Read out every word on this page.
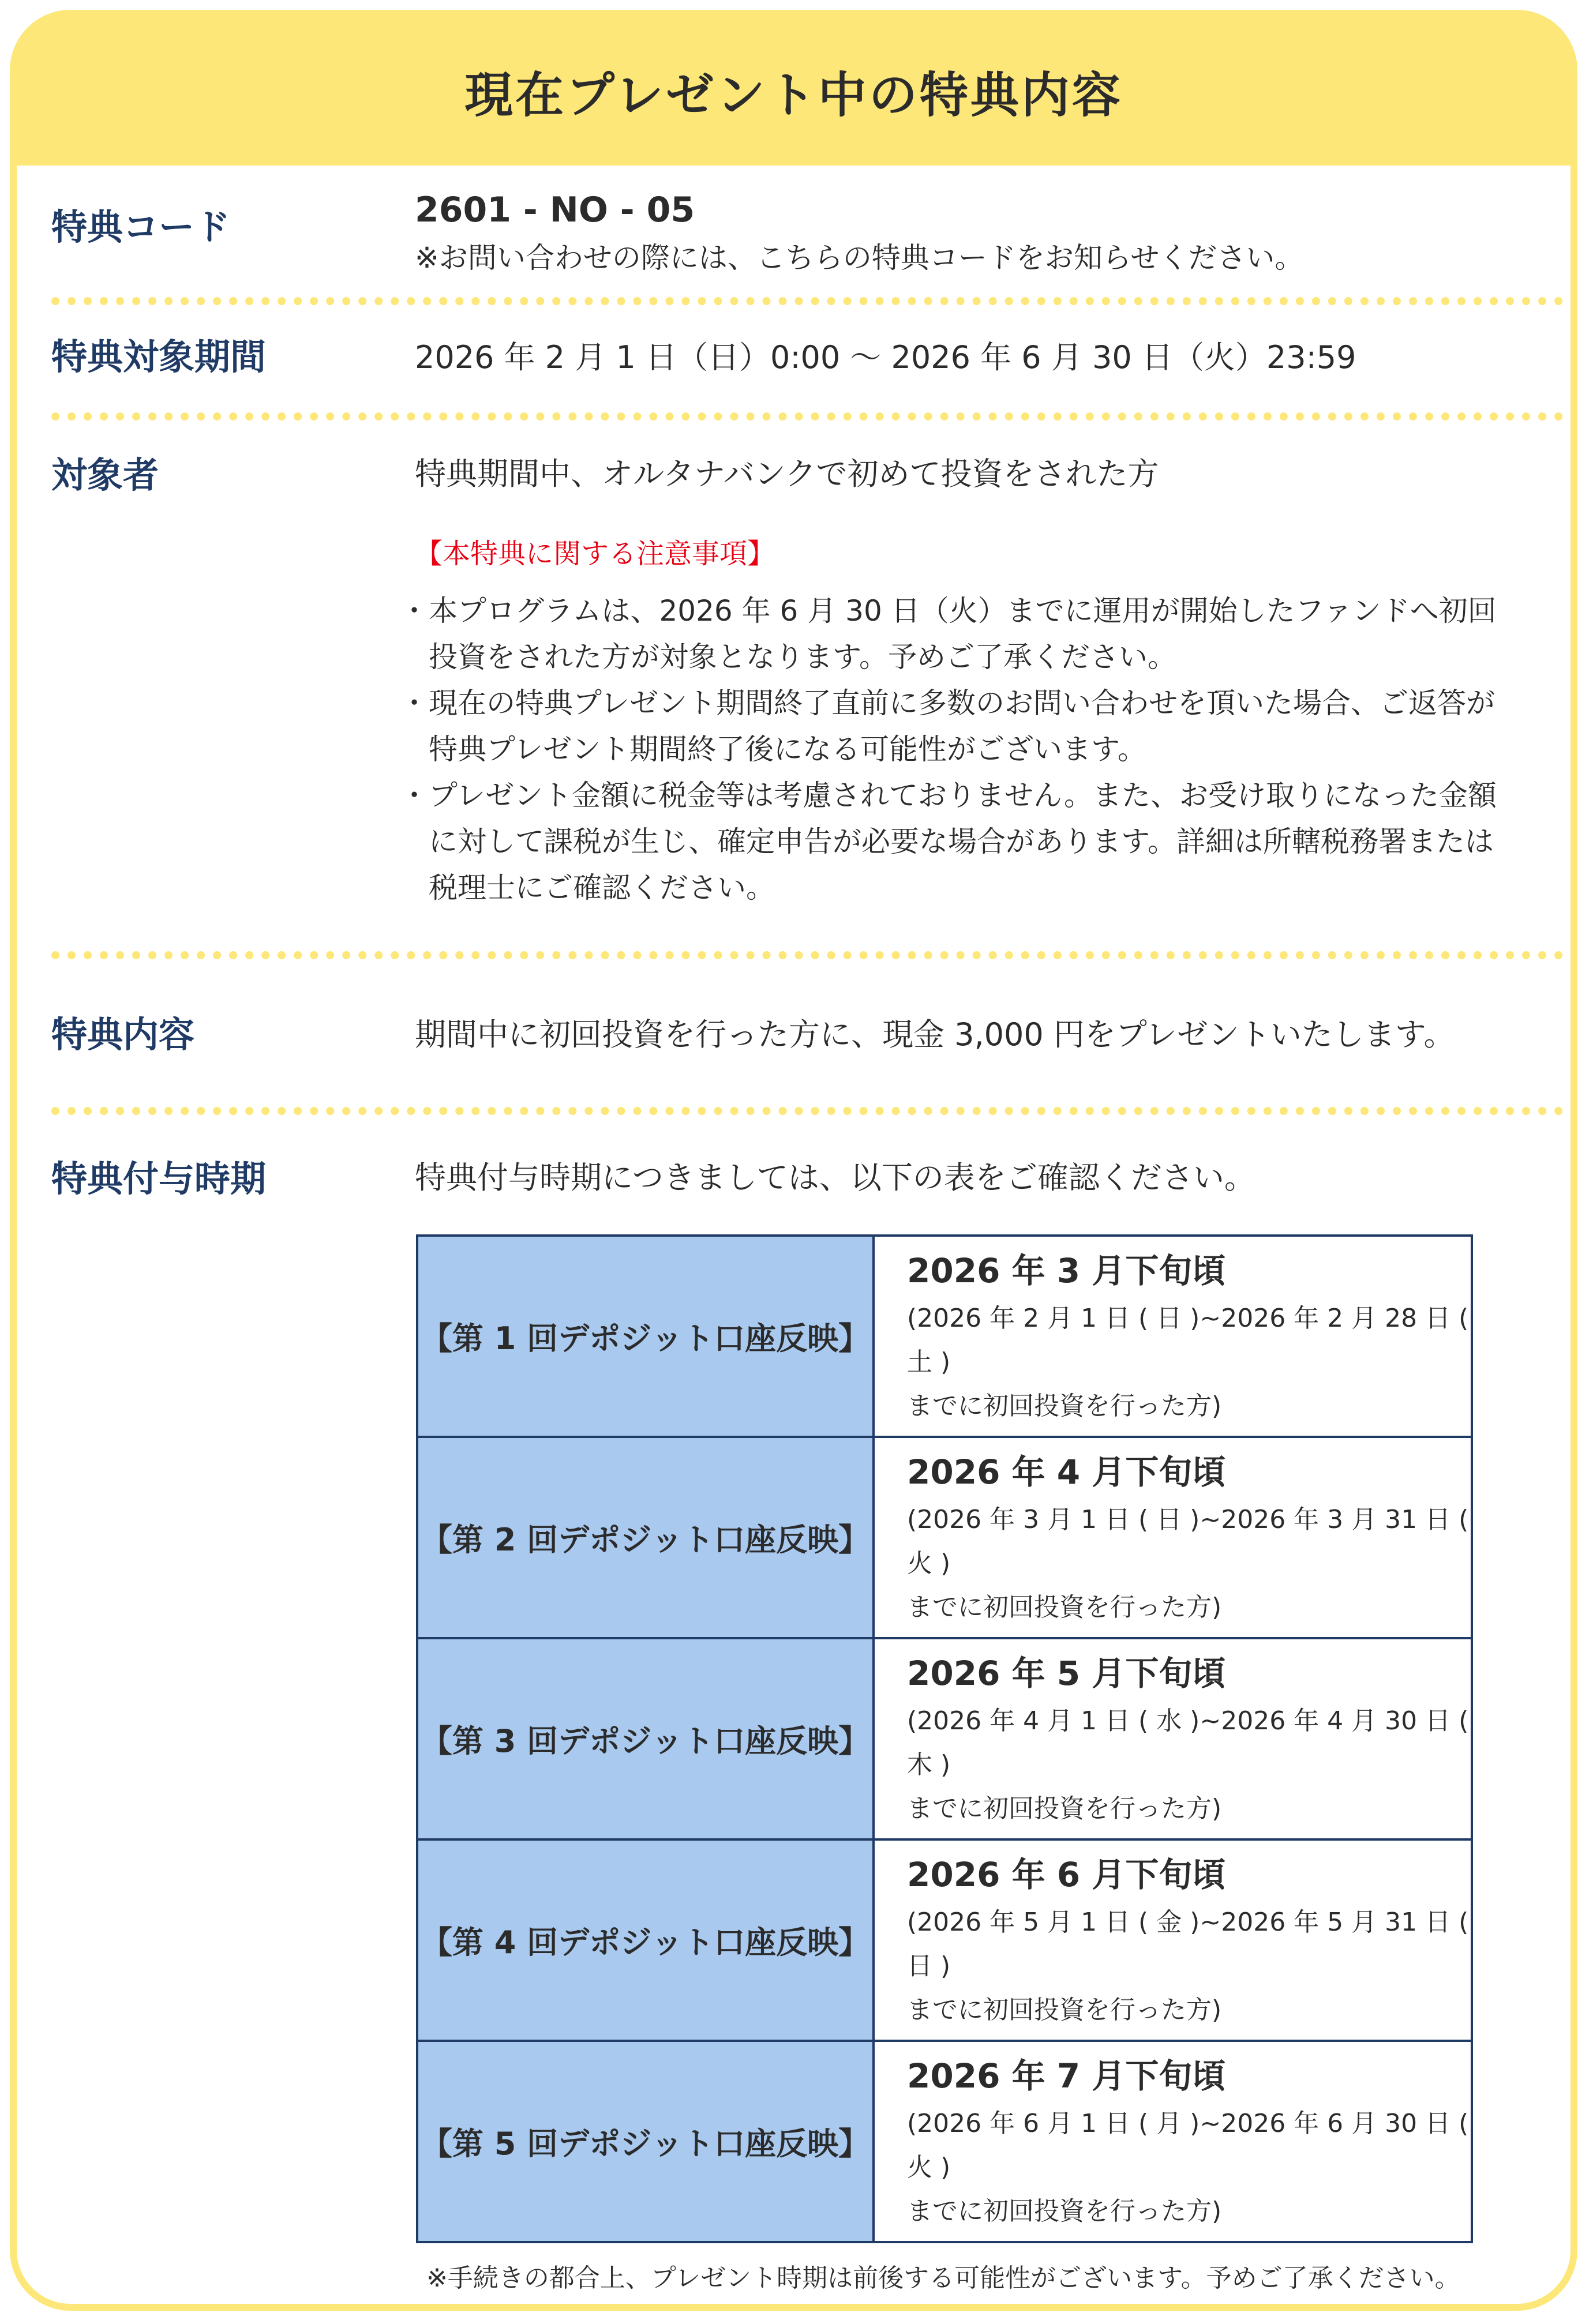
現在プレゼント中の特典内容
特典コード	2601 - NO - 05
※お問い合わせの際には、こちらの特典コードをお知らせください。
特典対象期間	2026 年 2 月 1 日（日）0:00 〜 2026 年 6 月 30 日（火）23:59
対象者	特典期間中、オルタナバンクで初めて投資をされた方
【本特典に関する注意事項】
・ 本プログラムは、2026 年 6 月 30 日（火）までに運用が開始したファンドへ初回投資をされた方が対象となります。予めご了承ください。
・ 現在の特典プレゼント期間終了直前に多数のお問い合わせを頂いた場合、ご返答が特典プレゼント期間終了後になる可能性がございます。
・ プレゼント金額に税金等は考慮されておりません。また、お受け取りになった金額に対して課税が生じ、確定申告が必要な場合があります。詳細は所轄税務署または税理士にご確認ください。
特典内容	期間中に初回投資を行った方に、現金 3,000 円をプレゼントいたします。
特典付与時期	特典付与時期につきましては、以下の表をご確認ください。
【第 1 回デポジット口座反映】	2026 年 3 月下旬頃
(2026 年 2 月 1 日 ( 日 )~2026 年 2 月 28 日 ( 土 )
までに初回投資を行った方)

【第 2 回デポジット口座反映】	2026 年 4 月下旬頃
(2026 年 3 月 1 日 ( 日 )~2026 年 3 月 31 日 ( 火 )
までに初回投資を行った方)

【第 3 回デポジット口座反映】	2026 年 5 月下旬頃
(2026 年 4 月 1 日 ( 水 )~2026 年 4 月 30 日 ( 木 )
までに初回投資を行った方)

【第 4 回デポジット口座反映】	2026 年 6 月下旬頃
(2026 年 5 月 1 日 ( 金 )~2026 年 5 月 31 日 ( 日 )
までに初回投資を行った方)

【第 5 回デポジット口座反映】	2026 年 7 月下旬頃
(2026 年 6 月 1 日 ( 月 )~2026 年 6 月 30 日 ( 火 )
までに初回投資を行った方)
※手続きの都合上、プレゼント時期は前後する可能性がございます。予めご了承ください。
